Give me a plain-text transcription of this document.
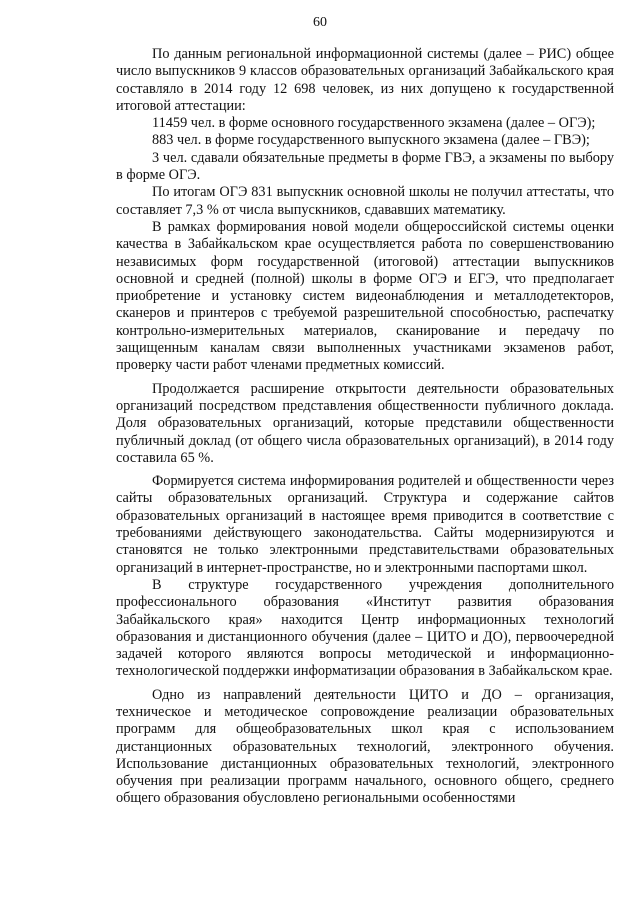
60

По данным региональной информационной системы (далее – РИС) общее число выпускников 9 классов образовательных организаций Забайкальского края составляло в 2014 году 12 698 человек, из них допущено к государственной итоговой аттестации:

11459 чел. в форме основного государственного экзамена (далее – ОГЭ);

883 чел. в форме государственного выпускного экзамена (далее – ГВЭ);

3 чел. сдавали обязательные предметы в форме ГВЭ, а экзамены по выбору в форме ОГЭ.

По итогам ОГЭ 831 выпускник основной школы не получил аттестаты, что составляет 7,3 % от числа выпускников, сдававших математику.

В рамках формирования новой модели общероссийской системы оценки качества в Забайкальском крае осуществляется работа по совершенствованию независимых форм государственной (итоговой) аттестации выпускников основной и средней (полной) школы в форме ОГЭ и ЕГЭ, что предполагает приобретение и установку систем видеонаблюдения и металлодетекторов, сканеров и принтеров с требуемой разрешительной способностью, распечатку контрольно-измерительных материалов, сканирование и передачу по защищенным каналам связи выполненных участниками экзаменов работ, проверку части работ членами предметных комиссий.

Продолжается расширение открытости деятельности образовательных организаций посредством представления общественности публичного доклада. Доля образовательных организаций, которые представили общественности публичный доклад (от общего числа образовательных организаций), в 2014 году составила 65 %.

Формируется система информирования родителей и общественности через сайты образовательных организаций. Структура и содержание сайтов образовательных организаций в настоящее время приводится в соответствие с требованиями действующего законодательства. Сайты модернизируются и становятся не только электронными представительствами образовательных организаций в интернет-пространстве, но и электронными паспортами школ.

В структуре государственного учреждения дополнительного профессионального образования «Институт развития образования Забайкальского края» находится Центр информационных технологий образования и дистанционного обучения (далее – ЦИТО и ДО), первоочередной задачей которого являются вопросы методической и информационно-технологической поддержки информатизации образования в Забайкальском крае.

Одно из направлений деятельности ЦИТО и ДО – организация, техническое и методическое сопровождение реализации образовательных программ для общеобразовательных школ края с использованием дистанционных образовательных технологий, электронного обучения. Использование дистанционных образовательных технологий, электронного обучения при реализации программ начального, основного общего, среднего общего образования обусловлено региональными особенностями
